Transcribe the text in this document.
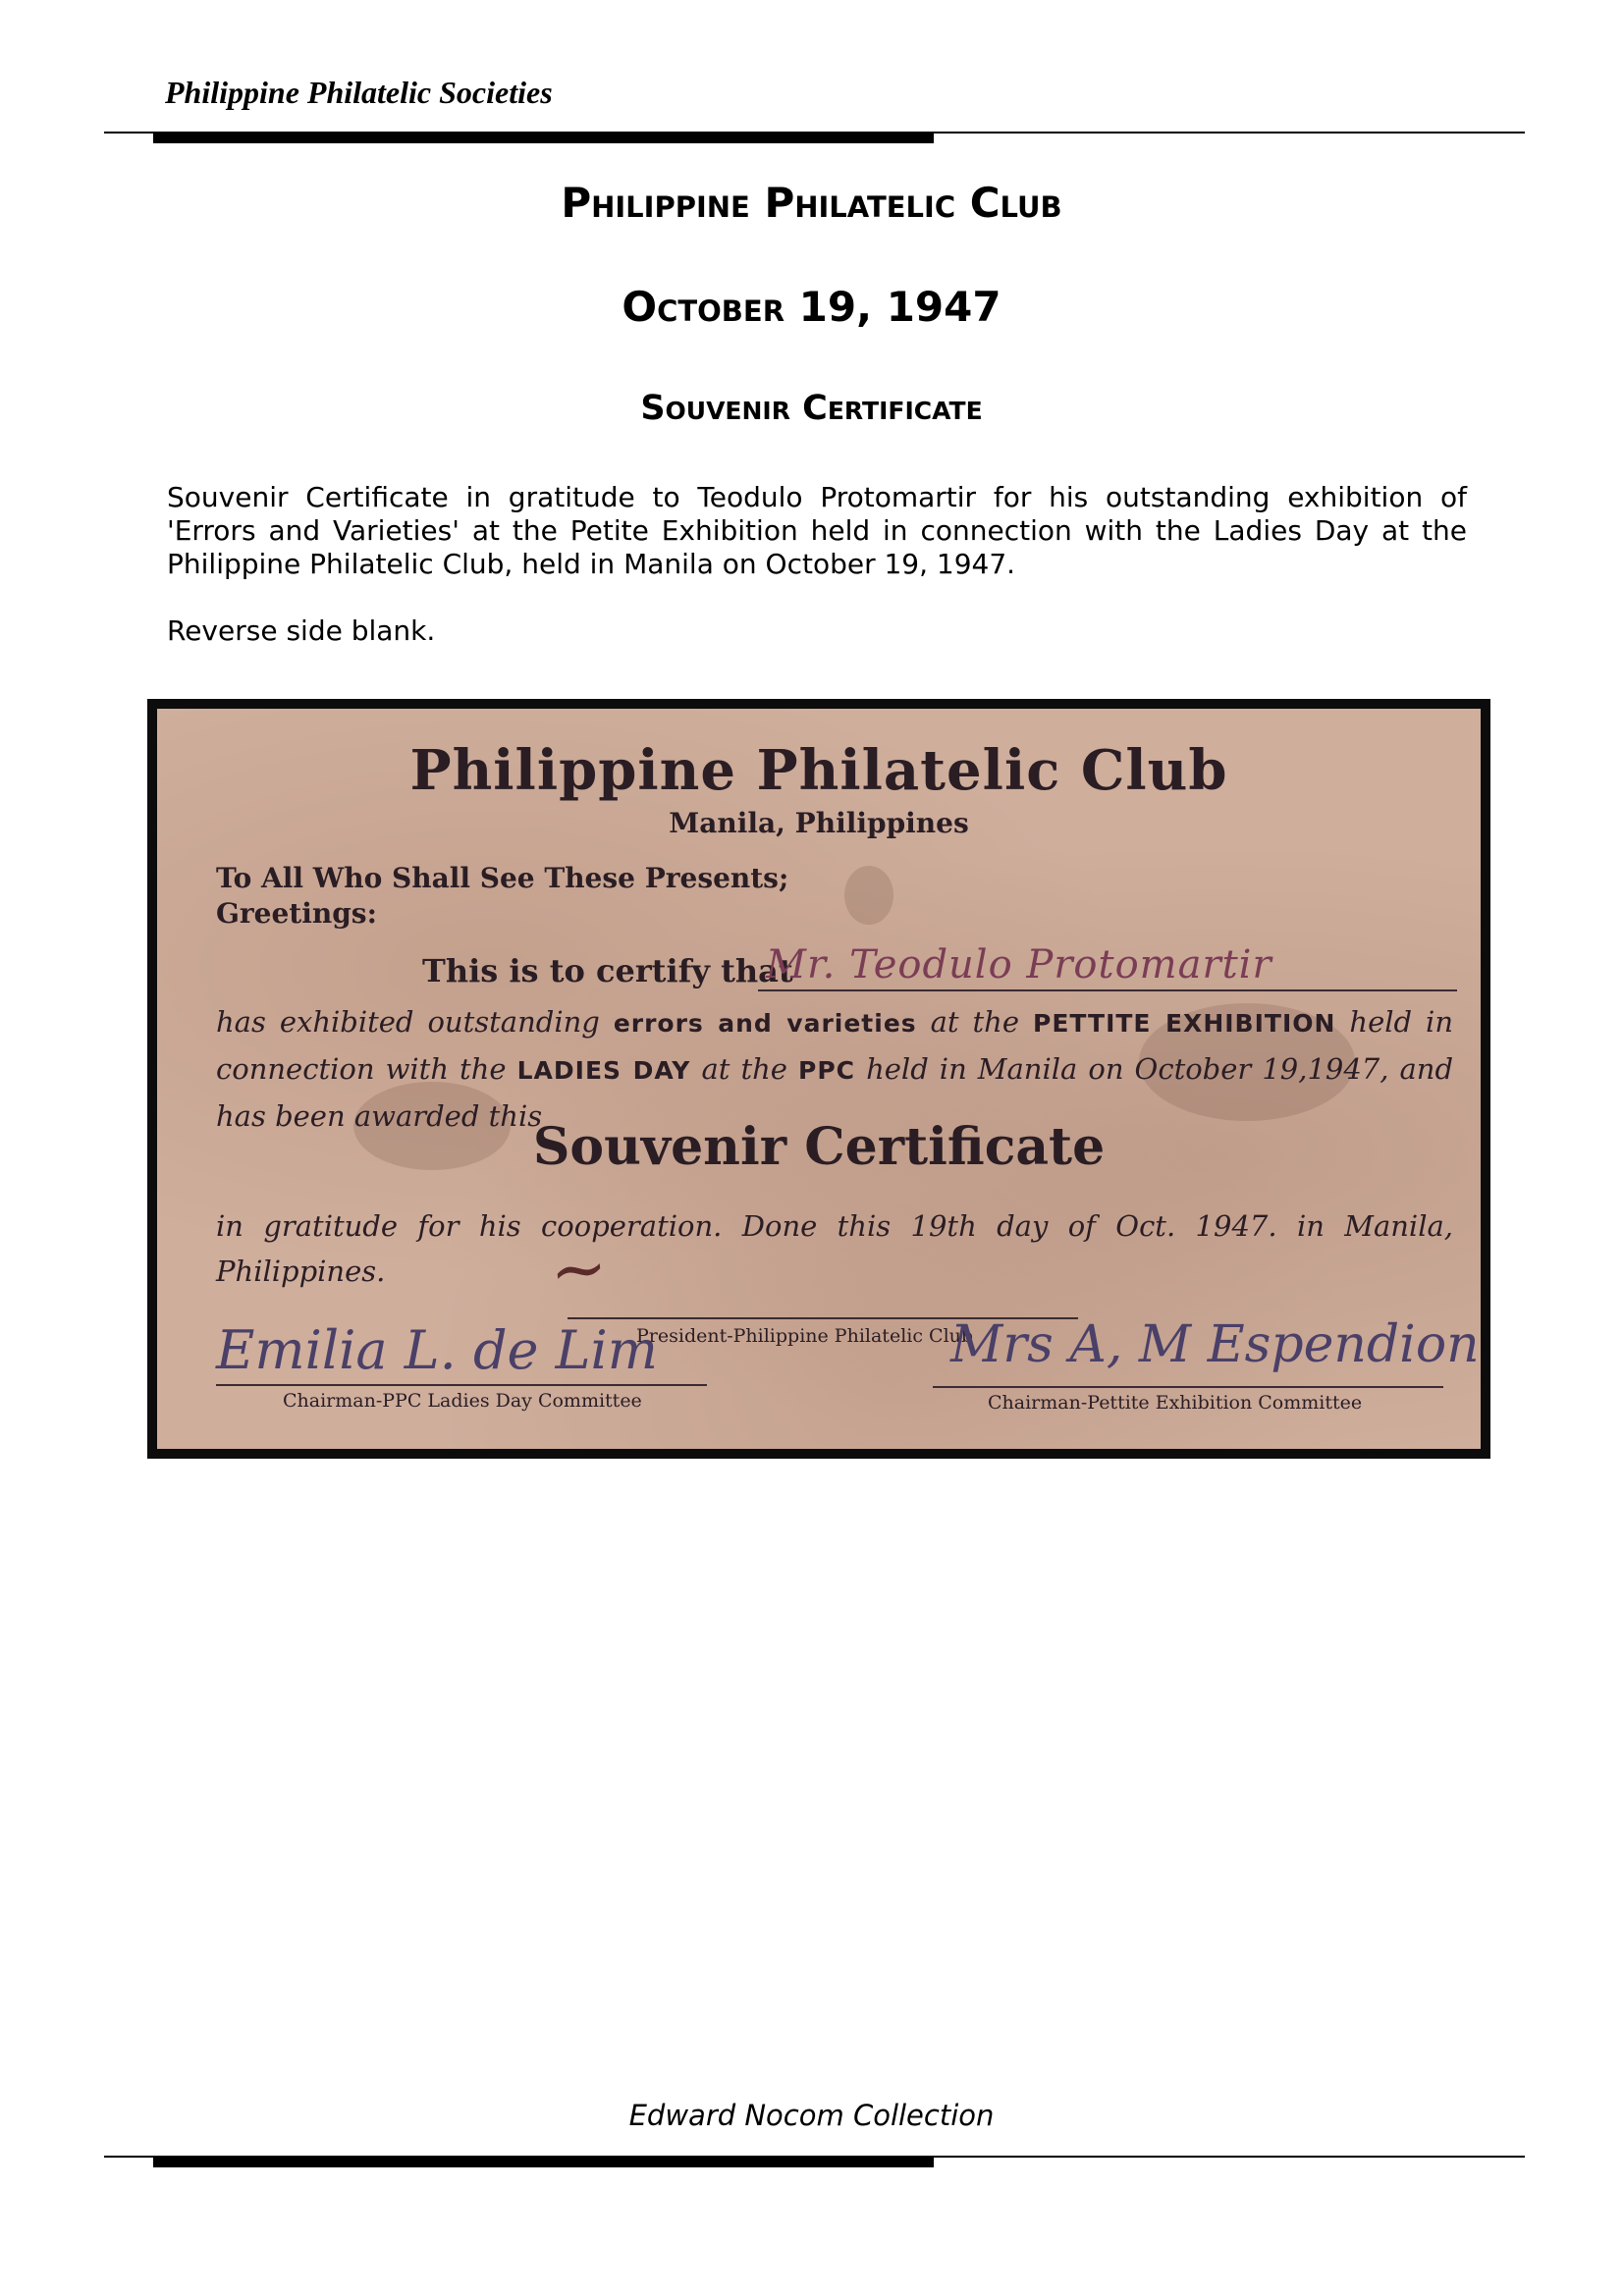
Philippine Philatelic Societies
Philippine Philatelic Club
October 19, 1947
Souvenir Certificate
Souvenir Certificate in gratitude to Teodulo Protomartir for his outstanding exhibition of 'Errors and Varieties' at the Petite Exhibition held in connection with the Ladies Day at the Philippine Philatelic Club, held in Manila on October 19, 1947.
Reverse side blank.
Philippine Philatelic Club
Manila, Philippines
To All Who Shall See These Presents;
Greetings:
This is to certify that
Mr. Teodulo Protomartir
has exhibited outstanding errors and varieties at the PETTITE EXHIBITION held in connection with the LADIES DAY at the PPC held in Manila on October 19,1947, and has been awarded this
Souvenir Certificate
in gratitude for his cooperation. Done this 19th day of Oct. 1947. in Manila, Philippines.	~
President-Philippine Philatelic Club
Emilia L. de Lim
Chairman-PPC Ladies Day Committee
Mrs A, M Espendion
Chairman-Pettite Exhibition Committee
Edward Nocom Collection
